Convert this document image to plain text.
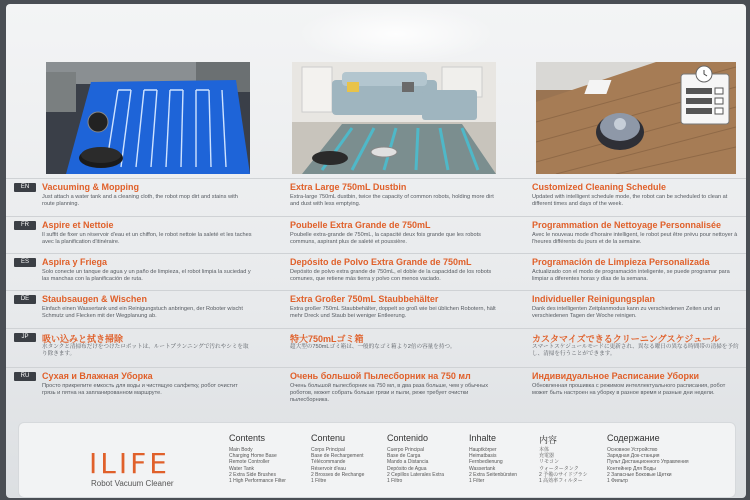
EN	Vacuuming & Mopping
Just attach a water tank and a cleaning cloth, the robot mop dirt and stains with route planning.
Extra Large 750mL Dustbin
Extra-large 750mL dustbin, twice the capacity of common robots, holding more dirt and dust with less emptying.
Customized Cleaning Schedule
Updated with intelligent schedule mode, the robot can be scheduled to clean at different times and days of the week.
FR	Aspire et Nettoie
Il suffit de fixer un réservoir d'eau et un chiffon, le robot nettoie la saleté et les taches avec la planification d'itinéraire.
Poubelle Extra Grande de 750mL
Poubelle extra-grande de 750mL, la capacité deux fois grande que les robots communs, aspirant plus de saleté et poussière.
Programmation de Nettoyage Personnalisée
Avec le nouveau mode d'horaire intelligent, le robot peut être prévu pour nettoyer à l'heures différents du jours et de la semaine.
ES	Aspira y Friega
Solo conecte un tanque de agua y un paño de limpieza, el robot limpia la suciedad y las manchas con la planificación de ruta.
Depósito de Polvo Extra Grande de 750mL
Depósito de polvo extra grande de 750mL, el doble de la capacidad de los robots comunes, que retiene más tierra y polvo con menos vaciado.
Programación de Limpieza Personalizada
Actualizado con el modo de programación inteligente, se puede programar para limpiar a diferentes horas y días de la semana.
DE	Staubsaugen & Wischen
Einfach einen Wassertank und ein Reinigungstuch anbringen, der Roboter wischt Schmutz und Flecken mit der Wegplanung ab.
Extra Großer 750mL Staubbehälter
Extra großer 750mL Staubbehälter, doppelt so groß wie bei üblichen Robotern, hält mehr Dreck und Staub bei weniger Entleerung.
Individueller Reinigungsplan
Dank des intelligenten Zeitplanmodus kann zu verschiedenen Zeiten und an verschiedenen Tagen der Woche reinigen.
JP	吸い込みと拭き掃除
水タンクと清掃布だけをつけたロボットは、ルートプランニングで汚れやシミを取り除きます。
特大750mLゴミ箱
超大型の750mLゴミ箱は、一般的なゴミ箱より2倍の容量を持つ。
カスタマイズできるクリーニングスケジュール
スマートスケジュールモードに更新され、異なる曜日の異なる時間帯の清掃を予約し、清掃を行うことができます。
RU	Сухая и Влажная Уборка
Просто прикрепите емкость для воды и чистящую салфетку, робот очистит грязь и пятна на запланированном маршруте.
Очень большой Пылесборник на 750 мл
Очень большой пылесборник на 750 мл, в два раза больше, чем у обычных роботов, может собрать больше грязи и пыли, реже требует очистки пылесборника.
Индивидуальное Расписание Уборки
Обновленная прошивка с режимом интеллектуального расписания, робот может быть настроен на уборку в разное время и разные дни недели.
ILIFE
Robot Vacuum Cleaner
Contents
Main Body
Charging Home Base
Remote Controller
Water Tank
2 Extra Side Brushes
1 High Performance Filter
Contenu
Corps Principal
Base de Rechargement
Télécommande
Réservoir d'eau
2 Brosses de Rechange
1 Filtre
Contenido
Cuerpo Principal
Base de Carga
Mando a Distancia
Depósito de Agua
2 Cepillos Laterales Extra
1 Filtro
Inhalte
Hauptkörper
Heimatbasis
Fernbedienung
Wassertank
2 Extra Seitenbürsten
1 Filter
内容
本体
充電器
リモコン
ウォータータンク
2 予備のサイドブラシ
1 高効率フィルター
Содержание
Основное Устройство
Зарядная Док-станция
Пульт Дистанционного Управления
Контейнер Для Воды
2 Запасные Боковые Щетки
1 Фильтр
